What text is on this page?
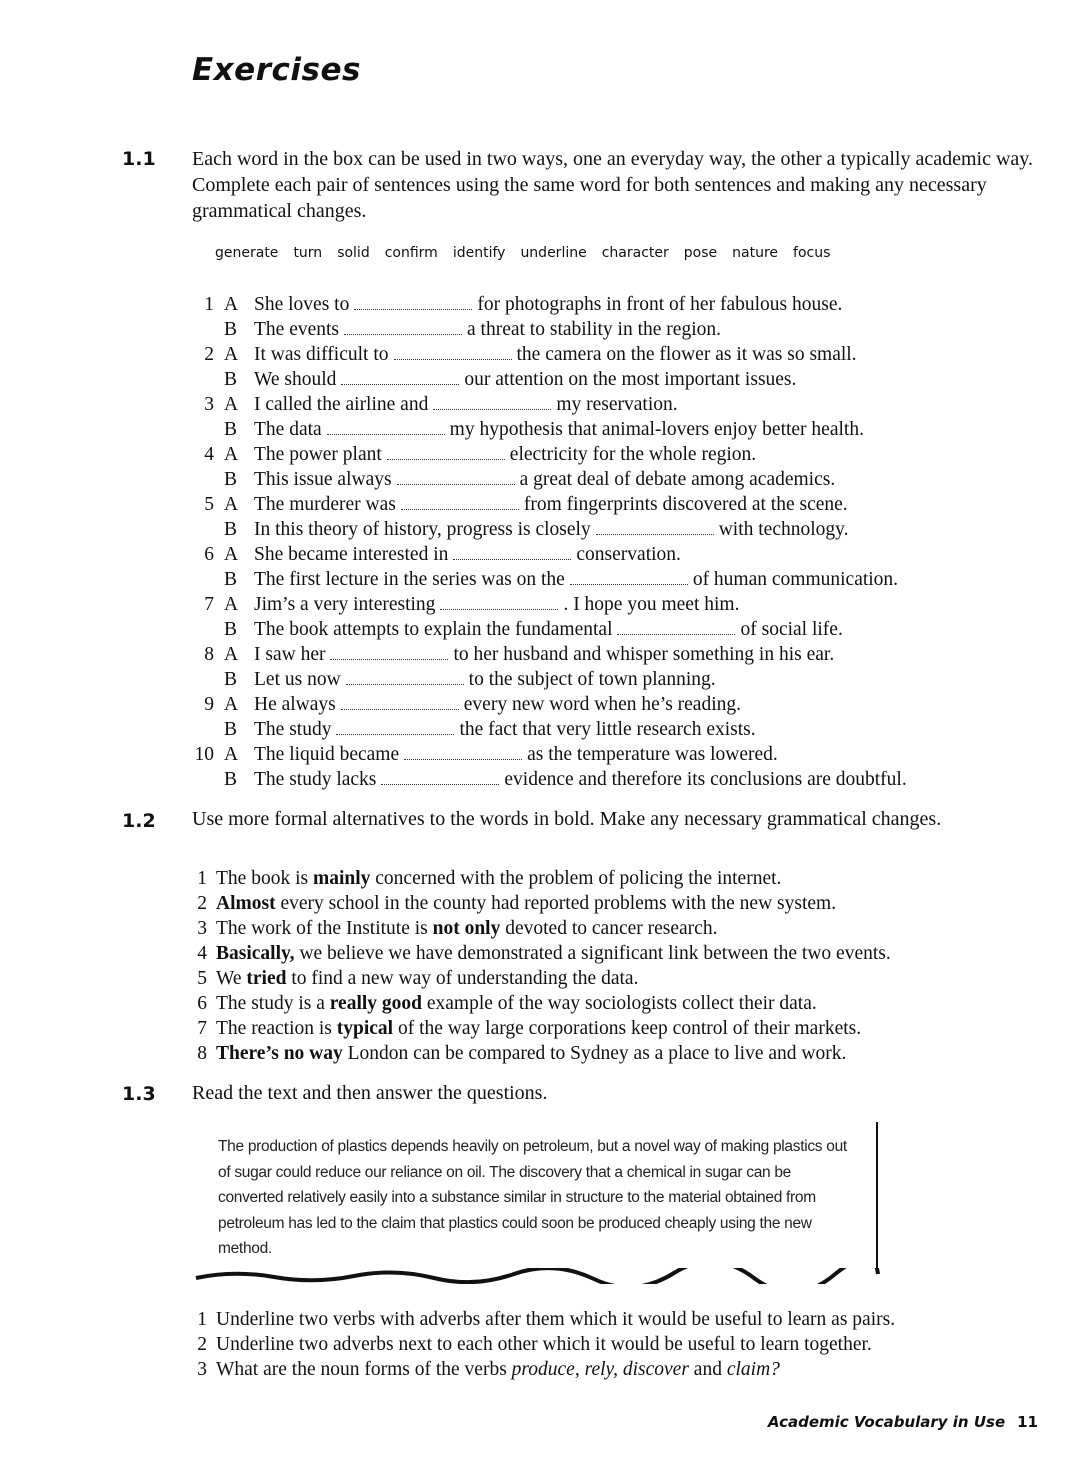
Exercises
1.1 Each word in the box can be used in two ways, one an everyday way, the other a typically academic way. Complete each pair of sentences using the same word for both sentences and making any necessary grammatical changes.
generate turn solid confirm identify underline character pose nature focus
1 A She loves to	for photographs in front of her fabulous house.
B The events	a threat to stability in the region.
2 A It was difficult to	the camera on the flower as it was so small.
B We should	our attention on the most important issues.
3 A I called the airline and	my reservation.
B The data	my hypothesis that animal-lovers enjoy better health.
4 A The power plant	electricity for the whole region.
B This issue always	a great deal of debate among academics.
5 A The murderer was	from fingerprints discovered at the scene.
B In this theory of history, progress is closely	with technology.
6 A She became interested in	conservation.
B The first lecture in the series was on the	of human communication.
7 A Jim’s a very interesting	. I hope you meet him.
B The book attempts to explain the fundamental	of social life.
8 A I saw her	to her husband and whisper something in his ear.
B Let us now	to the subject of town planning.
9 A He always	every new word when he’s reading.
B The study	the fact that very little research exists.
10 A The liquid became	as the temperature was lowered.
B The study lacks	evidence and therefore its conclusions are doubtful.
1.2 Use more formal alternatives to the words in bold. Make any necessary grammatical changes.
1 The book is mainly concerned with the problem of policing the internet.
2 Almost every school in the county had reported problems with the new system.
3 The work of the Institute is not only devoted to cancer research.
4 Basically, we believe we have demonstrated a significant link between the two events.
5 We tried to find a new way of understanding the data.
6 The study is a really good example of the way sociologists collect their data.
7 The reaction is typical of the way large corporations keep control of their markets.
8 There’s no way London can be compared to Sydney as a place to live and work.
1.3 Read the text and then answer the questions.

The production of plastics depends heavily on petroleum, but a novel way of making plastics out of sugar could reduce our reliance on oil. The discovery that a chemical in sugar can be converted relatively easily into a substance similar in structure to the material obtained from petroleum has led to the claim that plastics could soon be produced cheaply using the new method.

1 Underline two verbs with adverbs after them which it would be useful to learn as pairs.
2 Underline two adverbs next to each other which it would be useful to learn together.
3 What are the noun forms of the verbs produce, rely, discover and claim?
Academic Vocabulary in Use 11
